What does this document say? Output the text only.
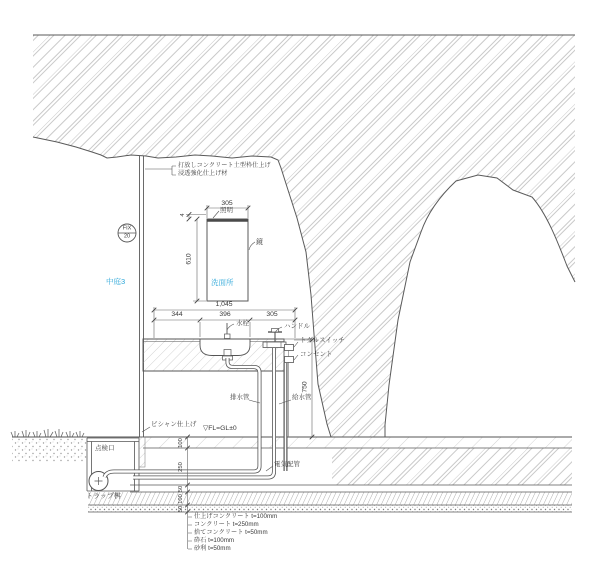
打放しコンクリート土型枠仕上げ
浸透強化仕上げ材
FIX
20
中庭3	洗面所
305
4
610
照明
鏡
1,045
344	396	305
水栓	ハンドル
トグルスイッチ
コンセント
750
排水管	給水管
電気配管
ビシャン仕上げ
▽FL=GL±0
点検口
トラップ桝
100
250
50
100
50
仕上げコンクリート t=100mm
コンクリート t=250mm
捨てコンクリート t=50mm
砕石 t=100mm
砂利 t=50mm
